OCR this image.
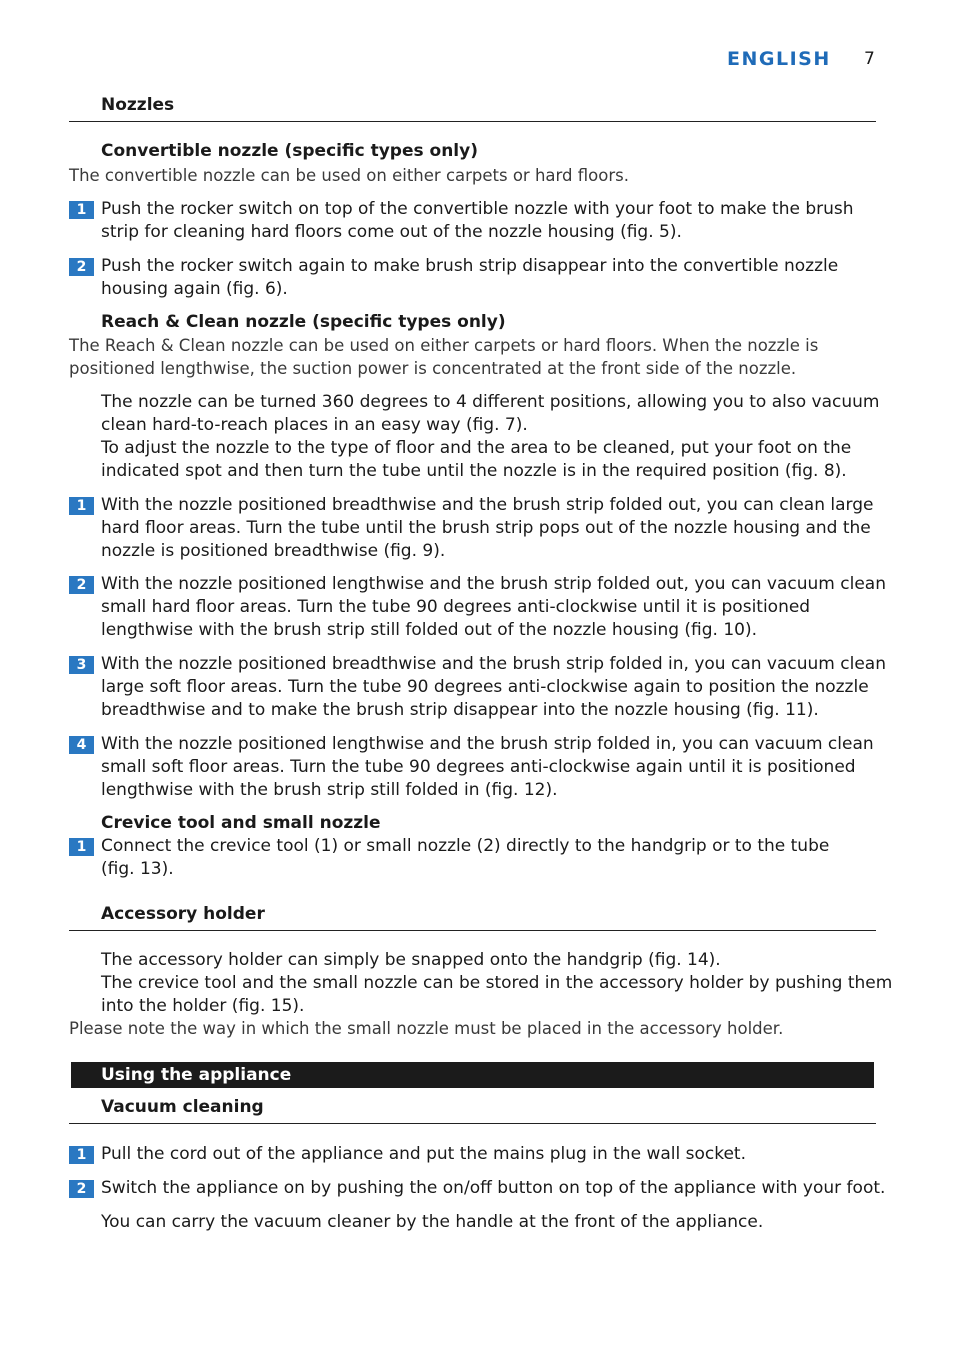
ENGLISH 7
Nozzles
Convertible nozzle (specific types only)
The convertible nozzle can be used on either carpets or hard floors.
1 Push the rocker switch on top of the convertible nozzle with your foot to make the brush
strip for cleaning hard floors come out of the nozzle housing (fig. 5).
2 Push the rocker switch again to make brush strip disappear into the convertible nozzle
housing again (fig. 6).
Reach & Clean nozzle (specific types only)
The Reach & Clean nozzle can be used on either carpets or hard floors. When the nozzle is
positioned lengthwise, the suction power is concentrated at the front side of the nozzle.
The nozzle can be turned 360 degrees to 4 different positions, allowing you to also vacuum
clean hard-to-reach places in an easy way (fig. 7).
To adjust the nozzle to the type of floor and the area to be cleaned, put your foot on the
indicated spot and then turn the tube until the nozzle is in the required position (fig. 8).
1 With the nozzle positioned breadthwise and the brush strip folded out, you can clean large
hard floor areas. Turn the tube until the brush strip pops out of the nozzle housing and the
nozzle is positioned breadthwise (fig. 9).
2 With the nozzle positioned lengthwise and the brush strip folded out, you can vacuum clean
small hard floor areas. Turn the tube 90 degrees anti-clockwise until it is positioned
lengthwise with the brush strip still folded out of the nozzle housing (fig. 10).
3 With the nozzle positioned breadthwise and the brush strip folded in, you can vacuum clean
large soft floor areas. Turn the tube 90 degrees anti-clockwise again to position the nozzle
breadthwise and to make the brush strip disappear into the nozzle housing (fig. 11).
4 With the nozzle positioned lengthwise and the brush strip folded in, you can vacuum clean
small soft floor areas. Turn the tube 90 degrees anti-clockwise again until it is positioned
lengthwise with the brush strip still folded in (fig. 12).
Crevice tool and small nozzle
1 Connect the crevice tool (1) or small nozzle (2) directly to the handgrip or to the tube
(fig. 13).
Accessory holder
The accessory holder can simply be snapped onto the handgrip (fig. 14).
The crevice tool and the small nozzle can be stored in the accessory holder by pushing them
into the holder (fig. 15).
Please note the way in which the small nozzle must be placed in the accessory holder.
Using the appliance
Vacuum cleaning
1 Pull the cord out of the appliance and put the mains plug in the wall socket.
2 Switch the appliance on by pushing the on/off button on top of the appliance with your foot.
You can carry the vacuum cleaner by the handle at the front of the appliance.
